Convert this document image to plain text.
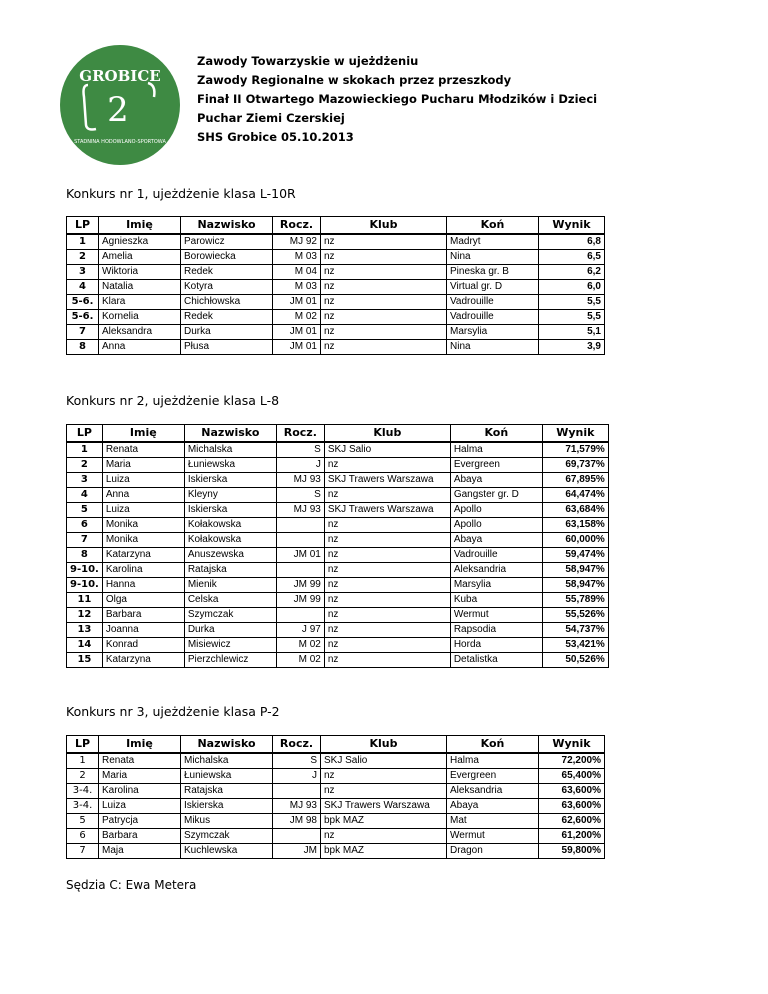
GROBICE
2
STADNINA HODOWLANO-SPORTOWA
Zawody Towarzyskie w ujeżdżeniu
Zawody Regionalne w skokach przez przeszkody
Finał II Otwartego Mazowieckiego Pucharu Młodzików i Dzieci
Puchar Ziemi Czerskiej
SHS Grobice 05.10.2013
Konkurs nr 1, ujeżdżenie klasa L-10R
Konkurs nr 2, ujeżdżenie klasa L-8
Konkurs nr 3, ujeżdżenie klasa P-2
LP	Imię	Nazwisko	Rocz.	Klub	Koń	Wynik
1	Agnieszka	Parowicz	MJ 92	nz	Madryt	6,8
2	Amelia	Borowiecka	M 03	nz	Nina	6,5
3	Wiktoria	Redek	M 04	nz	Pineska gr. B	6,2
4	Natalia	Kotyra	M 03	nz	Virtual gr. D	6,0
5-6.	Klara	Chichłowska	JM 01	nz	Vadrouille	5,5
5-6.	Kornelia	Redek	M 02	nz	Vadrouille	5,5
7	Aleksandra	Durka	JM 01	nz	Marsylia	5,1
8	Anna	Płusa	JM 01	nz	Nina	3,9
LP	Imię	Nazwisko	Rocz.	Klub	Koń	Wynik
1	Renata	Michalska	S	SKJ Salio	Halma	71,579%
2	Maria	Łuniewska	J	nz	Evergreen	69,737%
3	Luiza	Iskierska	MJ 93	SKJ Trawers Warszawa	Abaya	67,895%
4	Anna	Kleyny	S	nz	Gangster gr. D	64,474%
5	Luiza	Iskierska	MJ 93	SKJ Trawers Warszawa	Apollo	63,684%
6	Monika	Kołakowska		nz	Apollo	63,158%
7	Monika	Kołakowska		nz	Abaya	60,000%
8	Katarzyna	Anuszewska	JM 01	nz	Vadrouille	59,474%
9-10.	Karolina	Ratajska		nz	Aleksandria	58,947%
9-10.	Hanna	Mienik	JM 99	nz	Marsylia	58,947%
11	Olga	Celska	JM 99	nz	Kuba	55,789%
12	Barbara	Szymczak		nz	Wermut	55,526%
13	Joanna	Durka	J 97	nz	Rapsodia	54,737%
14	Konrad	Misiewicz	M 02	nz	Horda	53,421%
15	Katarzyna	Pierzchlewicz	M 02	nz	Detalistka	50,526%
LP	Imię	Nazwisko	Rocz.	Klub	Koń	Wynik
1	Renata	Michalska	S	SKJ Salio	Halma	72,200%
2	Maria	Łuniewska	J	nz	Evergreen	65,400%
3-4.	Karolina	Ratajska		nz	Aleksandria	63,600%
3-4.	Luiza	Iskierska	MJ 93	SKJ Trawers Warszawa	Abaya	63,600%
5	Patrycja	Mikus	JM 98	bpk MAZ	Mat	62,600%
6	Barbara	Szymczak		nz	Wermut	61,200%
7	Maja	Kuchlewska	JM	bpk MAZ	Dragon	59,800%
Sędzia C: Ewa Metera
